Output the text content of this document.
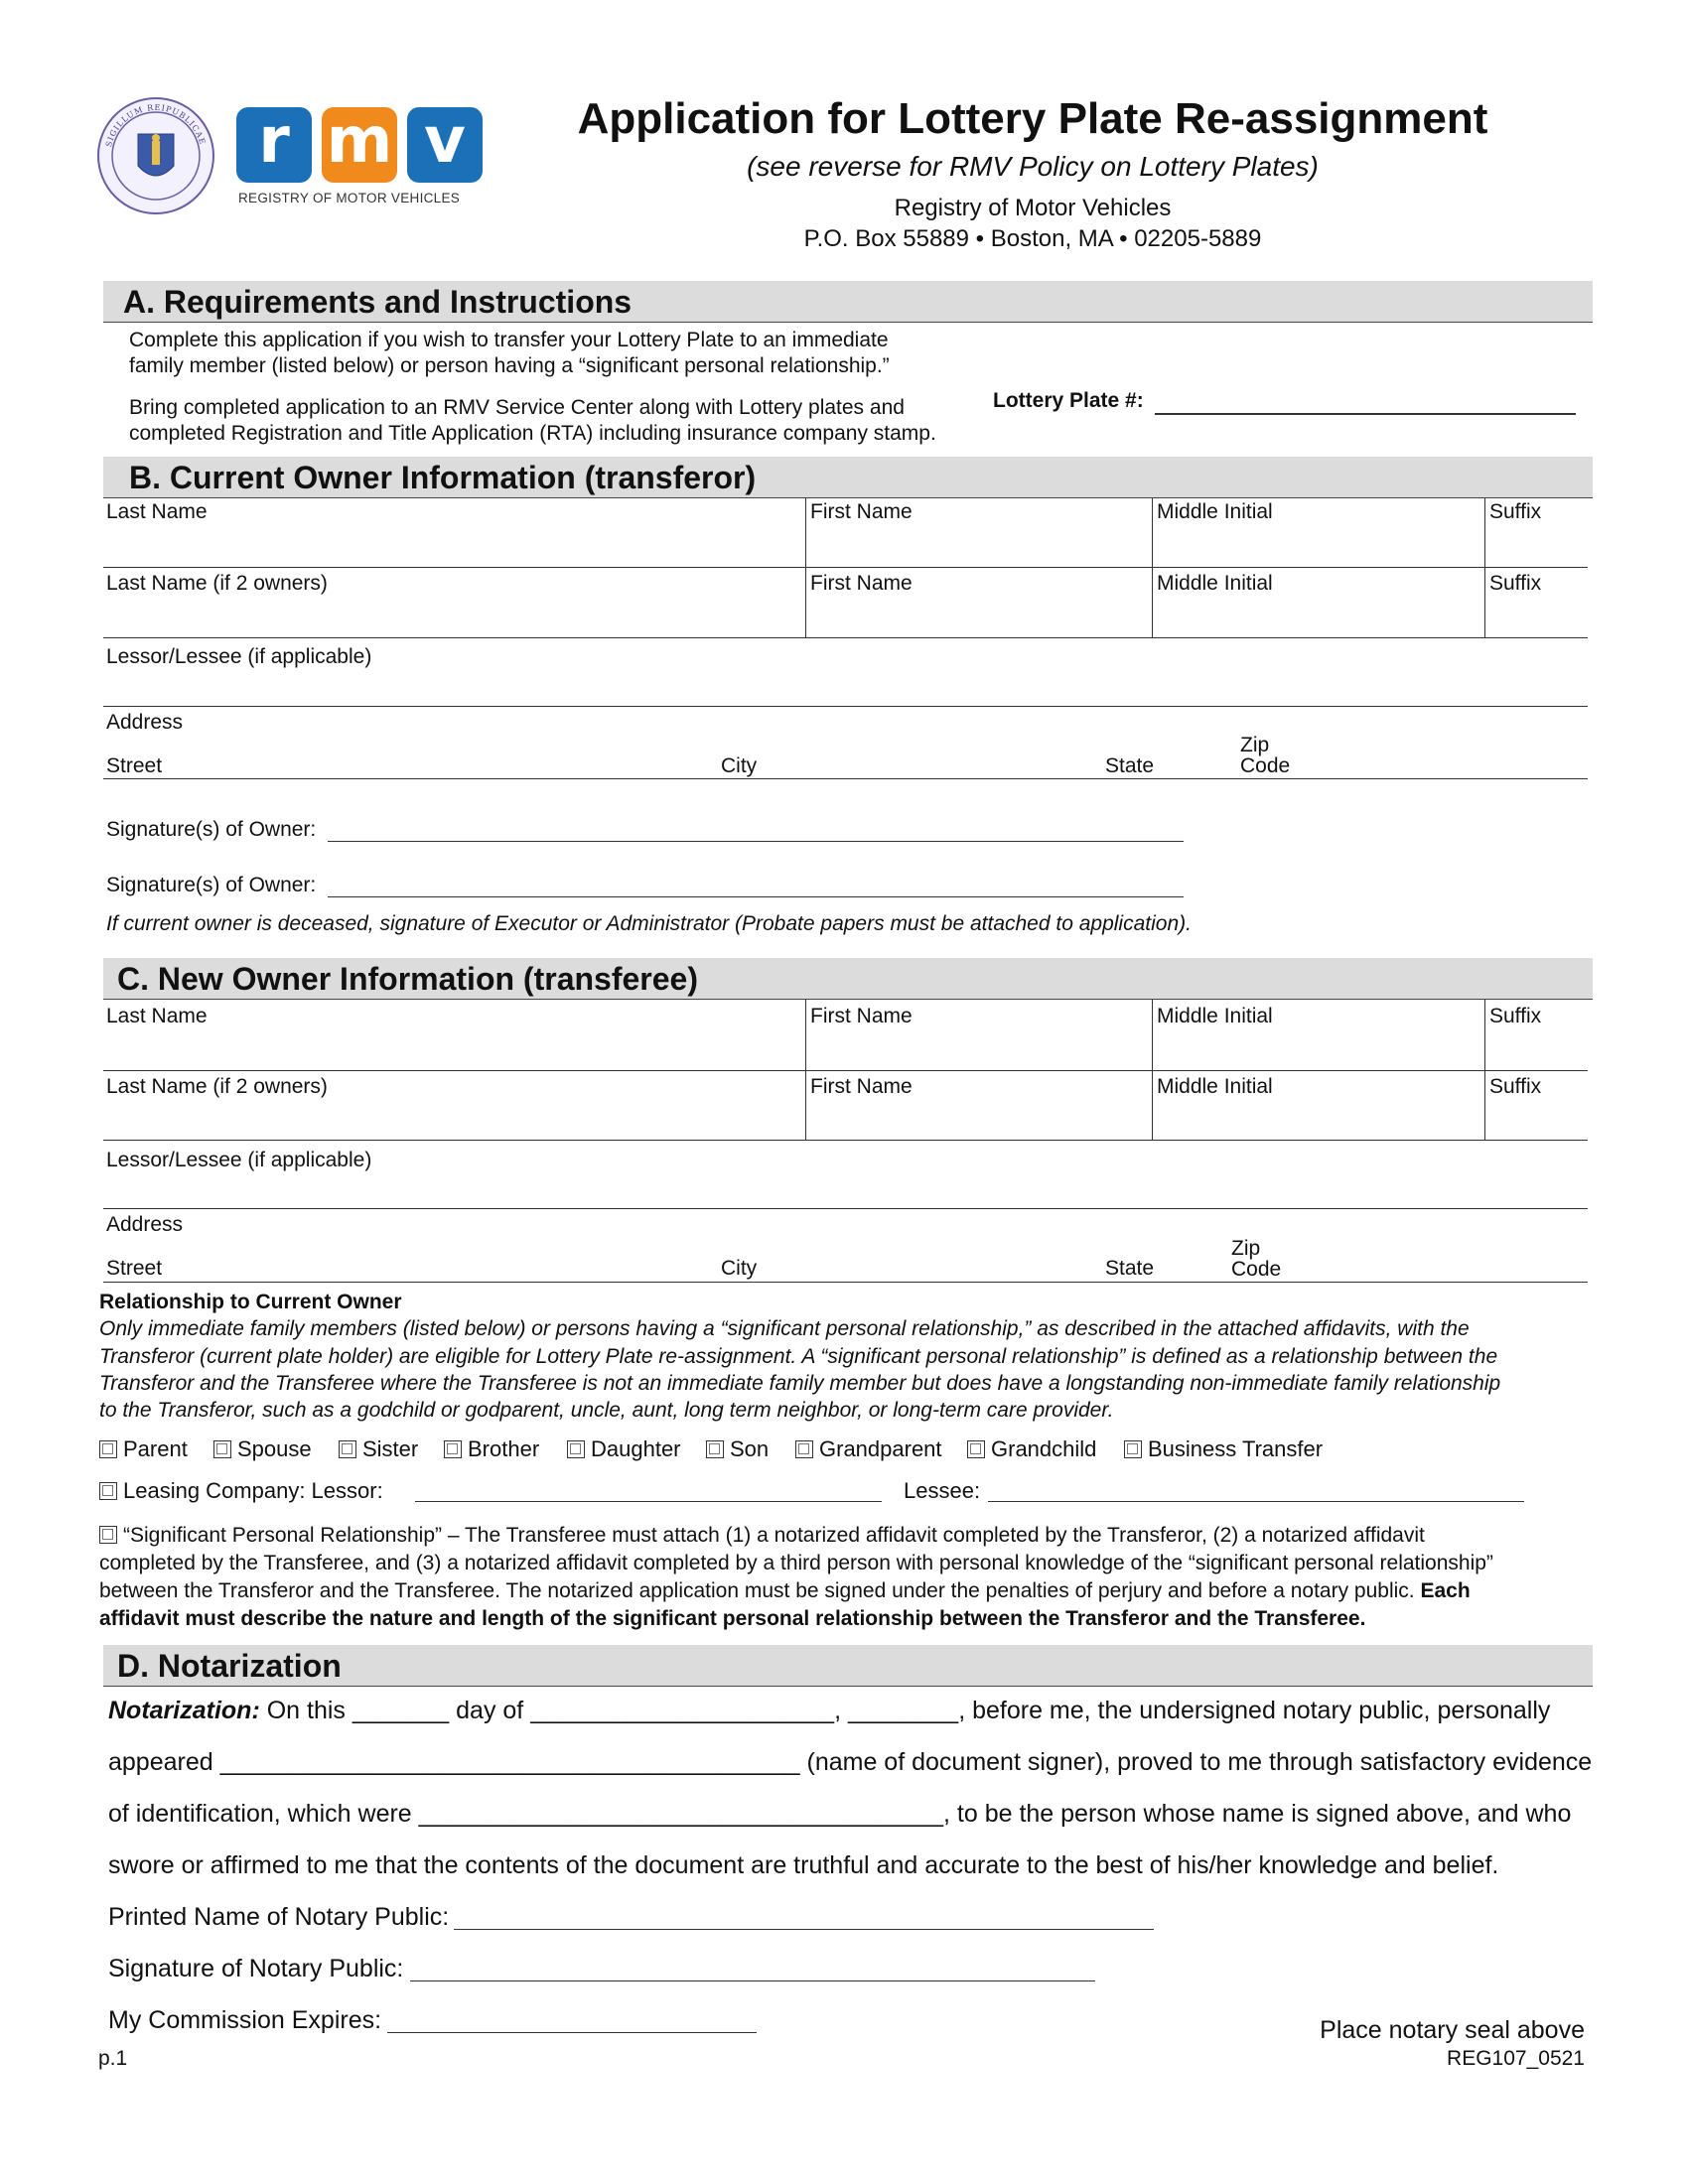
SIGILLUM REIPUBLICAE r m v
REGISTRY OF MOTOR VEHICLES
Application for Lottery Plate Re-assignment
(see reverse for RMV Policy on Lottery Plates)
Registry of Motor Vehicles
P.O. Box 55889 • Boston, MA • 02205-5889
A. Requirements and Instructions
Complete this application if you wish to transfer your Lottery Plate to an immediate
family member (listed below) or person having a “significant personal relationship.”
Bring completed application to an RMV Service Center along with Lottery plates and
completed Registration and Title Application (RTA) including insurance company stamp.
Lottery Plate #:
B. Current Owner Information (transferor)
Last Name	First Name	Middle Initial	Suffix
Last Name (if 2 owners)	First Name	Middle Initial	Suffix
Lessor/Lessee (if applicable)
Address
Street	City	State
Zip
Code
Signature(s) of Owner:
Signature(s) of Owner:
If current owner is deceased, signature of Executor or Administrator (Probate papers must be attached to application).
C. New Owner Information (transferee)
Last Name	First Name	Middle Initial	Suffix
Last Name (if 2 owners)	First Name	Middle Initial	Suffix
Lessor/Lessee (if applicable)
Address
Street	City	State
Zip
Code
Relationship to Current Owner
Only immediate family members (listed below) or persons having a “significant personal relationship,” as described in the attached affidavits, with the
Transferor (current plate holder) are eligible for Lottery Plate re-assignment. A “significant personal relationship” is defined as a relationship between the
Transferor and the Transferee where the Transferee is not an immediate family member but does have a longstanding non-immediate family relationship
to the Transferor, such as a godchild or godparent, uncle, aunt, long term neighbor, or long-term care provider.
Parent	Spouse	Sister	Brother	Daughter	Son	Grandparent	Grandchild	Business Transfer
Leasing Company: Lessor:	Lessee:
“Significant Personal Relationship” – The Transferee must attach (1) a notarized affidavit completed by the Transferor, (2) a notarized affidavit
completed by the Transferee, and (3) a notarized affidavit completed by a third person with personal knowledge of the “significant personal relationship”
between the Transferor and the Transferee. The notarized application must be signed under the penalties of perjury and before a notary public. Each
affidavit must describe the nature and length of the significant personal relationship between the Transferor and the Transferee.
D. Notarization
Notarization: On this _______ day of ______________________, ________, before me, the undersigned notary public, personally
appeared __________________________________________ (name of document signer), proved to me through satisfactory evidence
of identification, which were ______________________________________, to be the person whose name is signed above, and who
swore or affirmed to me that the contents of the document are truthful and accurate to the best of his/her knowledge and belief.
Printed Name of Notary Public:
Signature of Notary Public:
My Commission Expires:	Place notary seal above
p.1	REG107_0521
